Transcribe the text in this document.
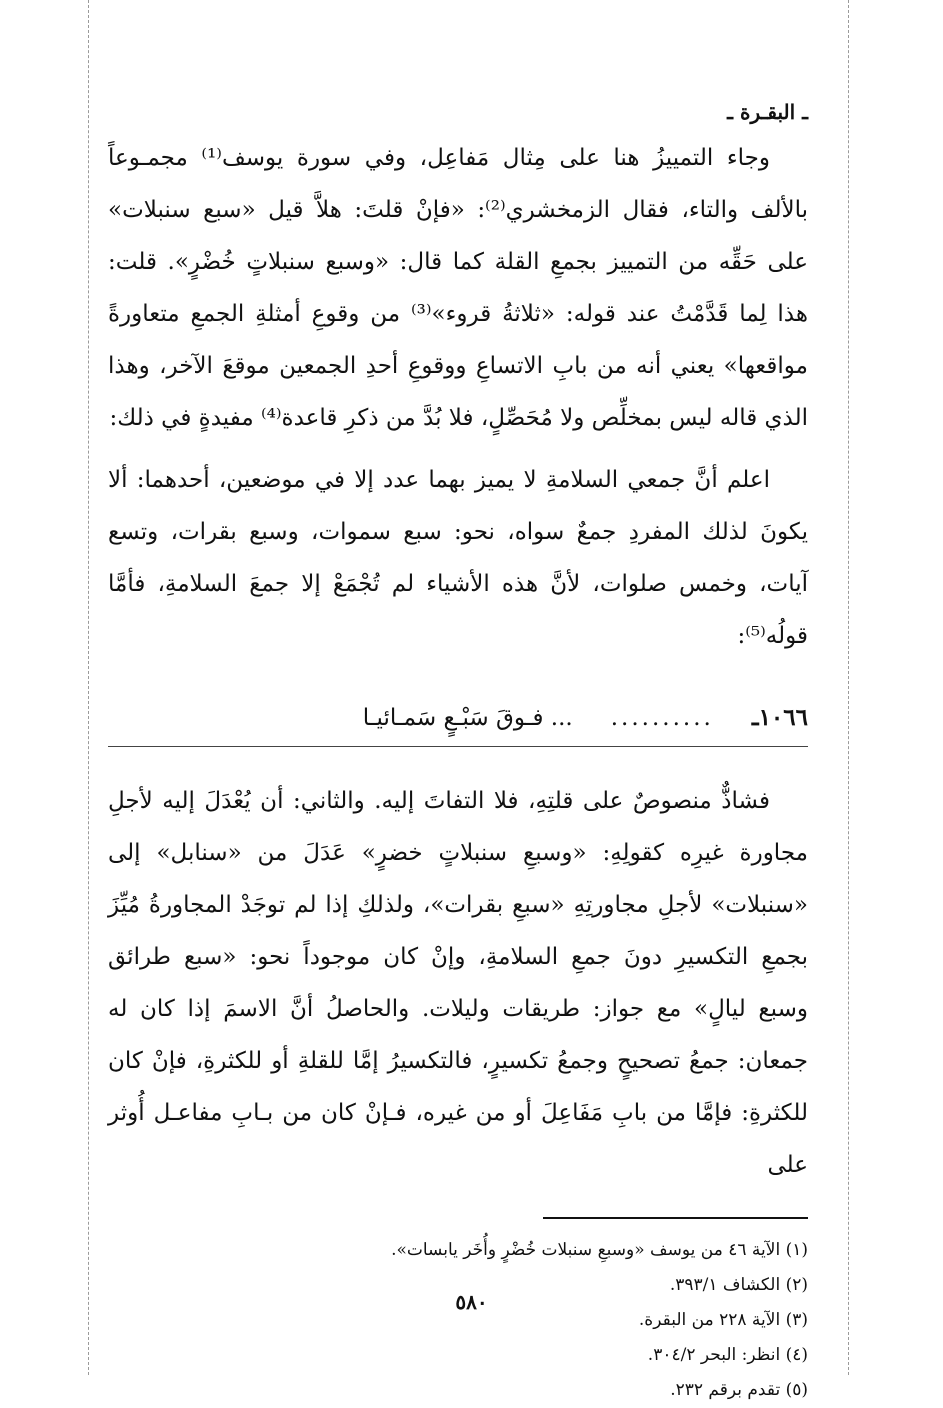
ـ البقـرة ـ

وجاء التمييزُ هنا على مِثال مَفاعِل، وفي سورة يوسف⁽¹⁾ مجمـوعاً بالألف والتاء، فقال الزمخشري⁽²⁾: «فإنْ قلتَ: هلاَّ قيل «سبع سنبلات» على حَقِّه من التمييز بجمعِ القلة كما قال: «وسبع سنبلاتٍ خُضْرٍ». قلت: هذا لِما قَدَّمْتُ عند قوله: «ثلاثةُ قروء»⁽³⁾ من وقوعِ أمثلةِ الجمعِ متعاورةً مواقعها» يعني أنه من بابِ الاتساعِ ووقوعِ أحدِ الجمعين موقعَ الآخر، وهذا الذي قاله ليس بمخلِّص ولا مُحَصِّلٍ، فلا بُدَّ من ذكرِ قاعدة⁽⁴⁾ مفيدةٍ في ذلك:

اعلم أنَّ جمعي السلامةِ لا يميز بهما عدد إلا في موضعين، أحدهما: ألا يكونَ لذلك المفردِ جمعٌ سواه، نحو: سبع سموات، وسبع بقرات، وتسع آيات، وخمس صلوات، لأنَّ هذه الأشياء لم تُجْمَعْ إلا جمعَ السلامةِ، فأمَّا قولُه⁽⁵⁾:

١٠٦٦ـ
..........
... فـوقَ سَبْـعٍ سَمـائيـا

فشاذٌّ منصوصٌ على قلتِهِ، فلا التفاتَ إليه. والثاني: أن يُعْدَلَ إليه لأجلِ مجاورة غيرِه كقولِهِ: «وسبعِ سنبلاتٍ خضرٍ» عَدَلَ من «سنابل» إلى «سنبلات» لأجلِ مجاورتِهِ «سبعِ بقرات»، ولذلكِ إذا لم توجَدْ المجاورةُ مُيِّزَ بجمعِ التكسيرِ دونَ جمعِ السلامةِ، وإنْ كان موجوداً نحو: «سبع طرائق وسبع ليالٍ» مع جواز: طريقات وليلات. والحاصلُ أنَّ الاسمَ إذا كان له جمعان: جمعُ تصحيحٍ وجمعُ تكسيرٍ، فالتكسيرُ إمَّا للقلةِ أو للكثرةِ، فإنْ كان للكثرةِ: فإمَّا من بابِ مَفَاعِلَ أو من غيره، فـإنْ كان من بـابِ مفاعـل أُوثر على

(١) الآية ٤٦ من يوسف «وسبعِ سنبلات خُضْرٍ وأُخَر يابسات».
(٢) الكشاف ٣٩٣/١.
(٣) الآية ٢٢٨ من البقرة.
(٤) انظر: البحر ٣٠٤/٢.
(٥) تقدم برقم ٢٣٢.
٥٨٠
